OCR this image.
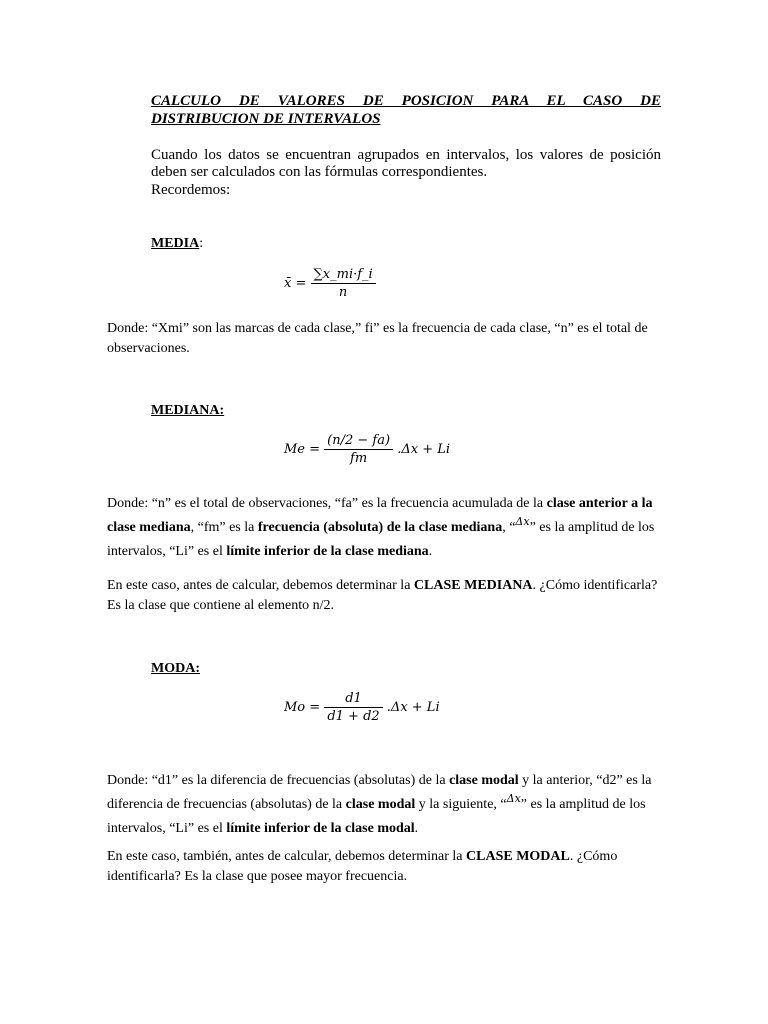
CALCULO DE VALORES DE POSICION PARA EL CASO DE
DISTRIBUCION DE INTERVALOS
Cuando los datos se encuentran agrupados en intervalos, los valores de posición deben ser calculados con las fórmulas correspondientes.
Recordemos:
MEDIA:
x̄ = $\frac{\sum x\_mi\cdot f\_i}{n}$
Donde: “Xmi” son las marcas de cada clase,” fi” es la frecuencia de cada clase, “n” es el total de observaciones.
MEDIANA:
$Me = \frac{(n/2 - fa)}{fm} .\Delta x + Li$
Donde: “n” es el total de observaciones, “fa” es la frecuencia acumulada de la clase anterior a la clase mediana, “fm” es la frecuencia (absoluta) de la clase mediana, “$^{\Delta x}$” es la amplitud de los intervalos, “Li” es el límite inferior de la clase mediana.
En este caso, antes de calcular, debemos determinar la CLASE MEDIANA. ¿Cómo identificarla? Es la clase que contiene al elemento n/2.
MODA:
$Mo = \frac{d1}{d1 + d2} .\Delta x + Li$
Donde: “d1” es la diferencia de frecuencias (absolutas) de la clase modal y la anterior, “d2” es la diferencia de frecuencias (absolutas) de la clase modal y la siguiente, “$^{\Delta x}$” es la amplitud de los intervalos, “Li” es el límite inferior de la clase modal.
En este caso, también, antes de calcular, debemos determinar la CLASE MODAL. ¿Cómo identificarla? Es la clase que posee mayor frecuencia.
